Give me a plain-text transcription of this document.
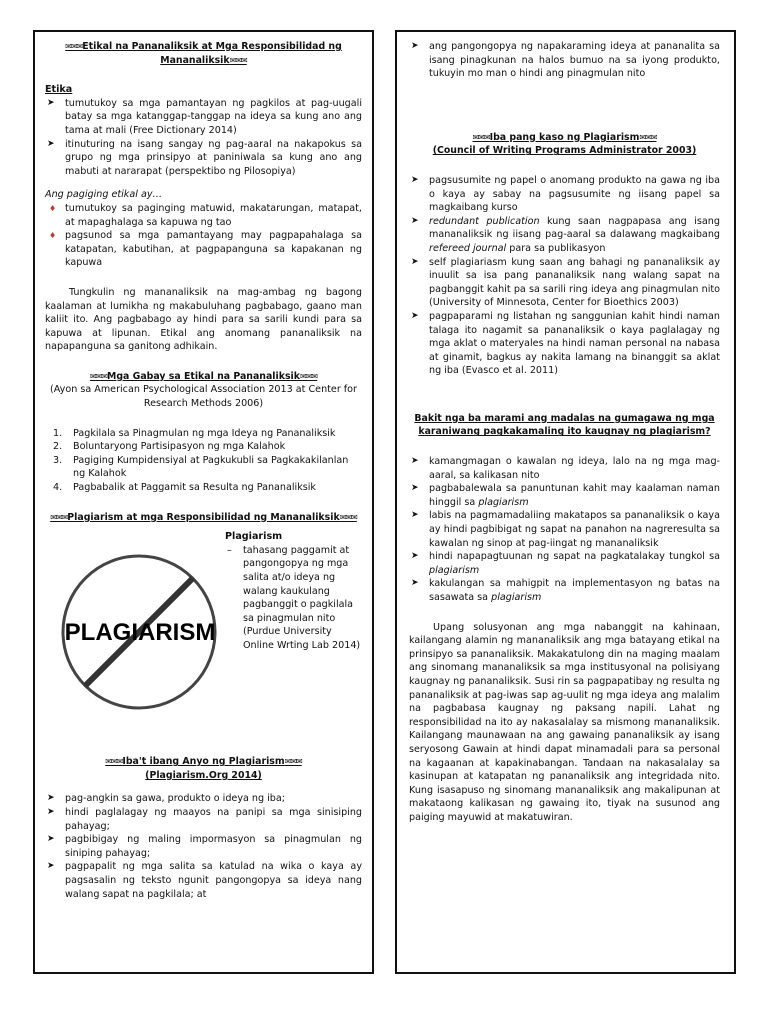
✉✉✉Etikal na Pananaliksik at Mga Responsibilidad ng Mananaliksik✉✉✉
Etika
➤ tumutukoy sa mga pamantayan ng pagkilos at pag-uugali batay sa mga katanggap-tanggap na ideya sa kung ano ang tama at mali (Free Dictionary 2014)
➤ itinuturing na isang sangay ng pag-aaral na nakapokus sa grupo ng mga prinsipyo at paniniwala sa kung ano ang mabuti at nararapat (perspektibo ng Pilosopiya)
Ang pagiging etikal ay…
♦ tumutukoy sa paginging matuwid, makatarungan, matapat, at mapaghalaga sa kapuwa ng tao
♦ pagsunod sa mga pamantayang may pagpapahalaga sa katapatan, kabutihan, at pagpapanguna sa kapakanan ng kapuwa
Tungkulin ng mananaliksik na mag-ambag ng bagong kaalaman at lumikha ng makabuluhang pagbabago, gaano man kaliit ito. Ang pagbabago ay hindi para sa sarili kundi para sa kapuwa at lipunan. Etikal ang anomang pananaliksik na napapanguna sa ganitong adhikain.
✉✉✉Mga Gabay sa Etikal na Pananaliksik✉✉✉
(Ayon sa American Psychological Association 2013 at Center for Research Methods 2006)
1. Pagkilala sa Pinagmulan ng mga Ideya ng Pananaliksik
2. Boluntaryong Partisipasyon ng mga Kalahok
3. Pagiging Kumpidensiyal at Pagkukubli sa Pagkakakilanlan ng Kalahok
4. Pagbabalik at Paggamit sa Resulta ng Pananaliksik
✉✉✉Plagiarism at mga Responsibilidad ng Mananaliksik✉✉✉
PLAGIARISM
Plagiarism
– tahasang paggamit at pangongopya ng mga salita at/o ideya ng walang kaukulang pagbanggit o pagkilala sa pinagmulan nito (Purdue University Online Wrting Lab 2014)
✉✉✉Iba't ibang Anyo ng Plagiarism✉✉✉
(Plagiarism.Org 2014)
➤ pag-angkin sa gawa, produkto o ideya ng iba;
➤ hindi paglalagay ng maayos na panipi sa mga sinisiping pahayag;
➤ pagbibigay ng maling impormasyon sa pinagmulan ng siniping pahayag;
➤ pagpapalit ng mga salita sa katulad na wika o kaya ay pagsasalin ng teksto ngunit pangongopya sa ideya nang walang sapat na pagkilala; at
➤ ang pangongopya ng napakaraming ideya at pananalita sa isang pinagkunan na halos bumuo na sa iyong produkto, tukuyin mo man o hindi ang pinagmulan nito
✉✉✉Iba pang kaso ng Plagiarism✉✉✉
(Council of Writing Programs Administrator 2003)
➤ pagsusumite ng papel o anomang produkto na gawa ng iba o kaya ay sabay na pagsusumite ng iisang papel sa magkaibang kurso
➤ redundant publication kung saan nagpapasa ang isang mananaliksik ng iisang pag-aaral sa dalawang magkaibang refereed journal para sa publikasyon
➤ self plagiariasm kung saan ang bahagi ng pananaliksik ay inuulit sa isa pang pananaliksik nang walang sapat na pagbanggit kahit pa sa sarili ring ideya ang pinagmulan nito (University of Minnesota, Center for Bioethics 2003)
➤ pagpaparami ng listahan ng sanggunian kahit hindi naman talaga ito nagamit sa pananaliksik o kaya paglalagay ng mga aklat o materyales na hindi naman personal na nabasa at ginamit, bagkus ay nakita lamang na binanggit sa aklat ng iba (Evasco et al. 2011)
Bakit nga ba marami ang madalas na gumagawa ng mga karaniwang pagkakamaling ito kaugnay ng plagiarism?
➤ kamangmagan o kawalan ng ideya, lalo na ng mga mag-aaral, sa kalikasan nito
➤ pagbabalewala sa panuntunan kahit may kaalaman naman hinggil sa plagiarism
➤ labis na pagmamadaliing makatapos sa pananaliksik o kaya ay hindi pagbibigat ng sapat na panahon na nagreresulta sa kawalan ng sinop at pag-iingat ng mananaliksik
➤ hindi napapagtuunan ng sapat na pagkatalakay tungkol sa plagiarism
➤ kakulangan sa mahigpit na implementasyon ng batas na sasawata sa plagiarism
Upang solusyonan ang mga nabanggit na kahinaan, kailangang alamin ng mananaliksik ang mga batayang etikal na prinsipyo sa pananaliksik. Makakatulong din na maging maalam ang sinomang mananaliksik sa mga institusyonal na polisiyang kaugnay ng pananaliksik. Susi rin sa pagpapatibay ng resulta ng pananaliksik at pag-iwas sap ag-uulit ng mga ideya ang malalim na pagbabasa kaugnay ng paksang napili. Lahat ng responsibilidad na ito ay nakasalalay sa mismong mananaliksik. Kailangang maunawaan na ang gawaing pananaliksik ay isang seryosong Gawain at hindi dapat minamadali para sa personal na kagaanan at kapakinabangan. Tandaan na nakasalalay sa kasinupan at katapatan ng pananaliksik ang integridada nito. Kung isasapuso ng sinomang mananaliksik ang makalipunan at makataong kalikasan ng gawaing ito, tiyak na susunod ang paiging mayuwid at makatuwiran.
